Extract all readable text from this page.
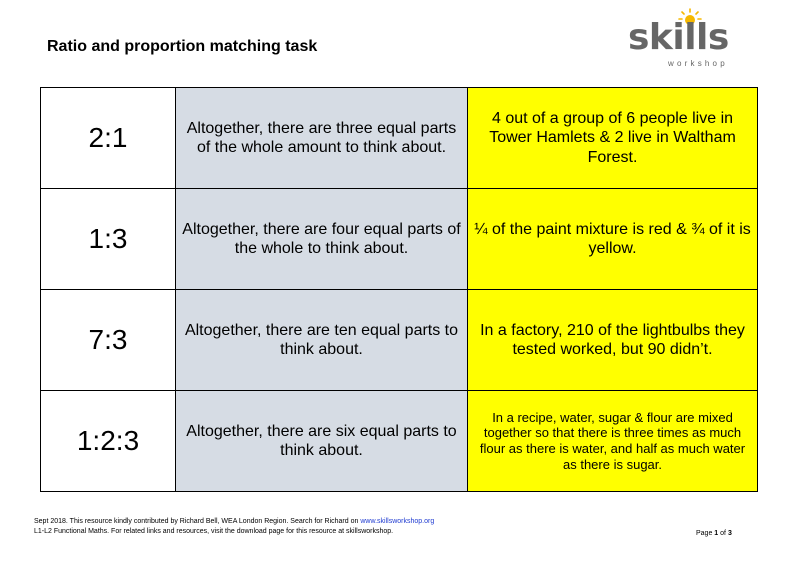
Ratio and proportion matching task	skills
workshop
2:1	Altogether, there are three equal parts of the whole amount to think about.	4 out of a group of 6 people live in Tower Hamlets & 2 live in Waltham Forest.
1:3	Altogether, there are four equal parts of the whole to think about.	¼ of the paint mixture is red & ¾ of it is yellow.
7:3	Altogether, there are ten equal parts to think about.	In a factory, 210 of the lightbulbs they tested worked, but 90 didn’t.
1:2:3	Altogether, there are six equal parts to think about.	In a recipe, water, sugar & flour are mixed together so that there is three times as much flour as there is water, and half as much water as there is sugar.
Sept 2018. This resource kindly contributed by Richard Bell, WEA London Region. Search for Richard on www.skillsworkshop.org
L1-L2 Functional Maths. For related links and resources, visit the download page for this resource at skillsworkshop.	Page 1 of 3
